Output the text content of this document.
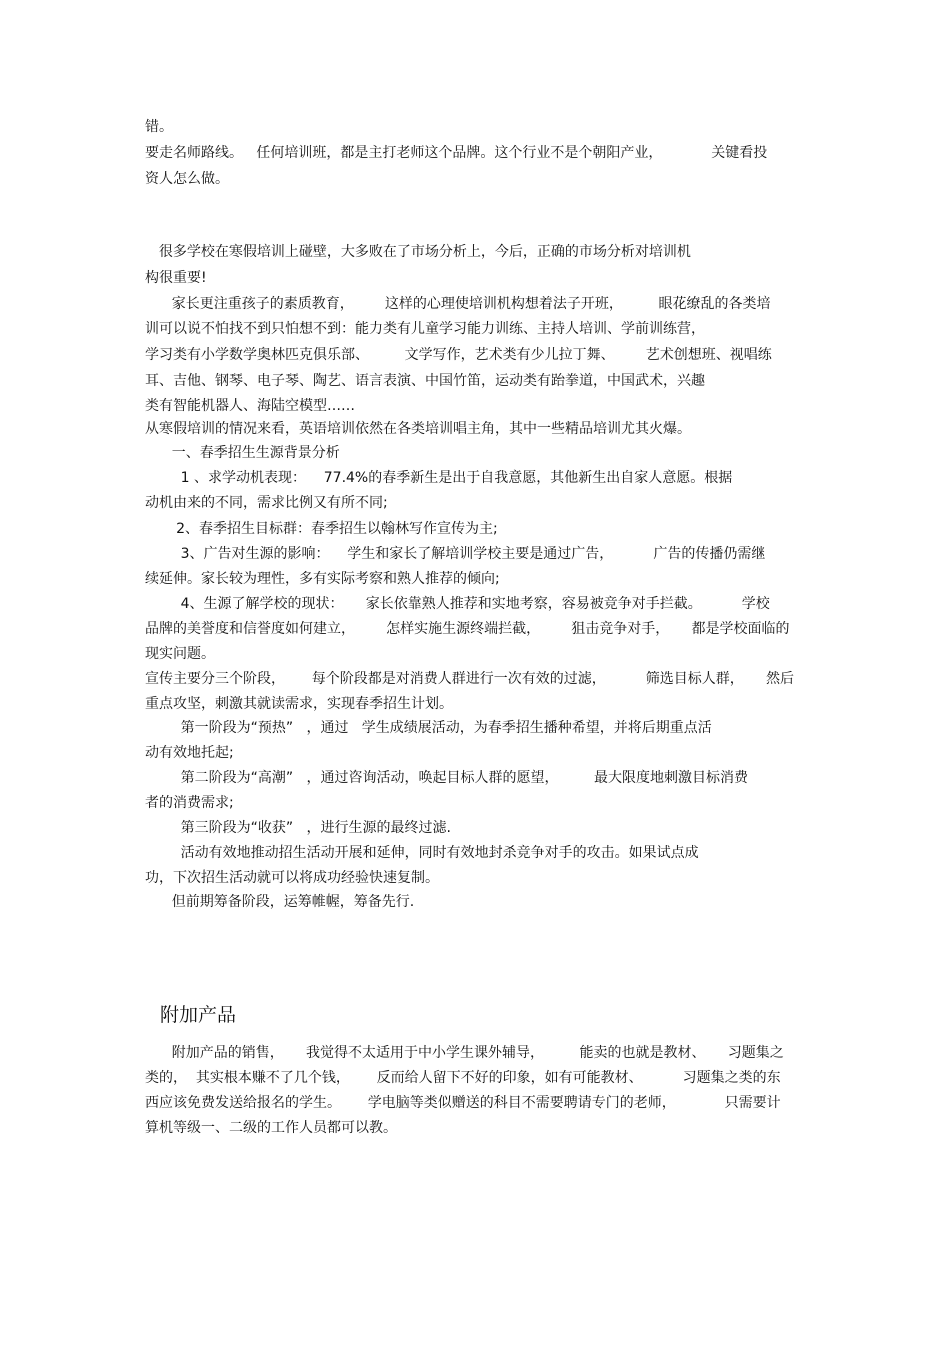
错。
要走名师路线。   任何培训班，都是主打老师这个品牌。这个行业不是个朝阳产业，           关键看投
资人怎么做。
很多学校在寒假培训上碰壁，大多败在了市场分析上，今后，正确的市场分析对培训机
构很重要!
家长更注重孩子的素质教育，       这样的心理使培训机构想着法子开班，        眼花缭乱的各类培
训可以说不怕找不到只怕想不到：能力类有儿童学习能力训练、主持人培训、学前训练营，
学习类有小学数学奥林匹克俱乐部、        文学写作，艺术类有少儿拉丁舞、       艺术创想班、视唱练
耳、吉他、钢琴、电子琴、陶艺、语言表演、中国竹笛，运动类有跆拳道，中国武术，兴趣
类有智能机器人、海陆空模型……
从寒假培训的情况来看，英语培训依然在各类培训唱主角，其中一些精品培训尤其火爆。
一、春季招生生源背景分析
1 、求学动机表现：    77.4%的春季新生是出于自我意愿，其他新生出自家人意愿。根据
动机由来的不同，需求比例又有所不同;
2、春季招生目标群：春季招生以翰林写作宣传为主;
3、广告对生源的影响：    学生和家长了解培训学校主要是通过广告，         广告的传播仍需继
续延伸。家长较为理性，多有实际考察和熟人推荐的倾向;
4、生源了解学校的现状：     家长依靠熟人推荐和实地考察，容易被竞争对手拦截。         学校
品牌的美誉度和信誉度如何建立，       怎样实施生源终端拦截，       狙击竞争对手，     都是学校面临的
现实问题。
宣传主要分三个阶段，      每个阶段都是对消费人群进行一次有效的过滤，         筛选目标人群，     然后
重点攻坚，刺激其就读需求，实现春季招生计划。
第一阶段为“预热”   ，通过   学生成绩展活动，为春季招生播种希望，并将后期重点活
动有效地托起;
第二阶段为“高潮”   ，通过咨询活动，唤起目标人群的愿望，        最大限度地刺激目标消费
者的消费需求;
第三阶段为“收获”   ，进行生源的最终过滤.
活动有效地推动招生活动开展和延伸，同时有效地封杀竞争对手的攻击。如果试点成
功，下次招生活动就可以将成功经验快速复制。
但前期筹备阶段，运筹帷幄，筹备先行.
附加产品
附加产品的销售，     我觉得不太适用于中小学生课外辅导，        能卖的也就是教材、     习题集之
类的，  其实根本赚不了几个钱，      反而给人留下不好的印象，如有可能教材、         习题集之类的东
西应该免费发送给报名的学生。      学电脑等类似赠送的科目不需要聘请专门的老师，           只需要计
算机等级一、二级的工作人员都可以教。
